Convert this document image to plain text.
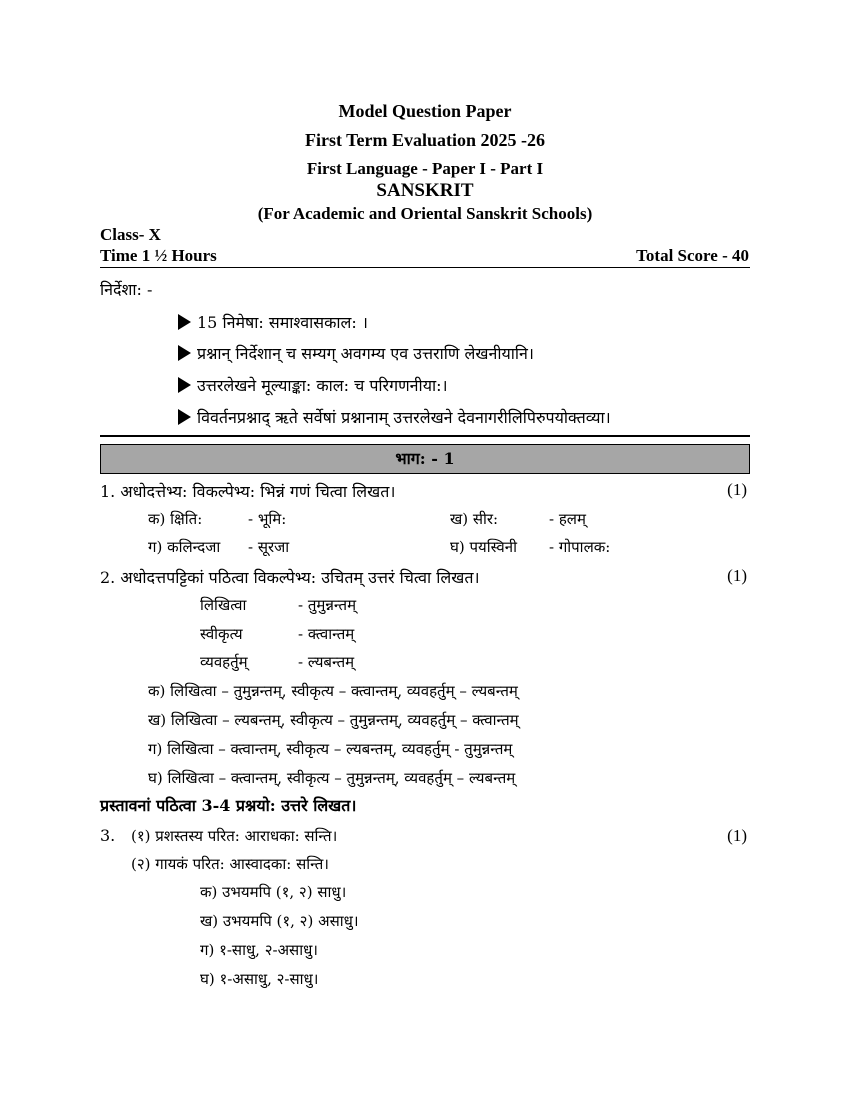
Model Question Paper
First Term Evaluation 2025 -26
First Language - Paper I - Part I
SANSKRIT
(For Academic and Oriental Sanskrit Schools)
Class- X
Time 1 ½ Hours	Total Score - 40
निर्देशा: -
15 निमेषा: समाश्वासकाल: ।
प्रश्नान् निर्देशान् च सम्यग् अवगम्य एव उत्तराणि लेखनीयानि।
उत्तरलेखने मूल्याङ्का: काल: च परिगणनीया:।
विवर्तनप्रश्नाद् ऋते सर्वेषां प्रश्नानाम् उत्तरलेखने देवनागरीलिपिरुपयोक्तव्या।
भाग: - 1
1. अधोदत्तेभ्य: विकल्पेभ्य: भिन्नं गणं चित्वा लिखत।	(1)
क) क्षिति:	- भूमि:	ख) सीर:	- हलम्
ग) कलिन्दजा - सूरजा	घ) पयस्विनी - गोपालक:
2. अधोदत्तपट्टिकां पठित्वा विकल्पेभ्य: उचितम् उत्तरं चित्वा लिखत।	(1)
लिखित्वा	- तुमुन्नन्तम्
स्वीकृत्य	- क्त्वान्तम्
व्यवहर्तुम्	- ल्यबन्तम्
क) लिखित्वा – तुमुन्नन्तम्, स्वीकृत्य – क्त्वान्तम्, व्यवहर्तुम् – ल्यबन्तम्
ख) लिखित्वा – ल्यबन्तम्, स्वीकृत्य – तुमुन्नन्तम्, व्यवहर्तुम् – क्त्वान्तम्
ग) लिखित्वा – क्त्वान्तम्, स्वीकृत्य – ल्यबन्तम्, व्यवहर्तुम् - तुमुन्नन्तम्
घ) लिखित्वा – क्त्वान्तम्, स्वीकृत्य – तुमुन्नन्तम्, व्यवहर्तुम् – ल्यबन्तम्
प्रस्तावनां पठित्वा 3-4 प्रश्नयो: उत्तरे लिखत।
3. (१) प्रशस्तस्य परित: आराधका: सन्ति।	(1)
(२) गायकं परित: आस्वादका: सन्ति।
क) उभयमपि (१, २) साधु।
ख) उभयमपि (१, २) असाधु।
ग) १-साधु, २-असाधु।
घ) १-असाधु, २-साधु।
